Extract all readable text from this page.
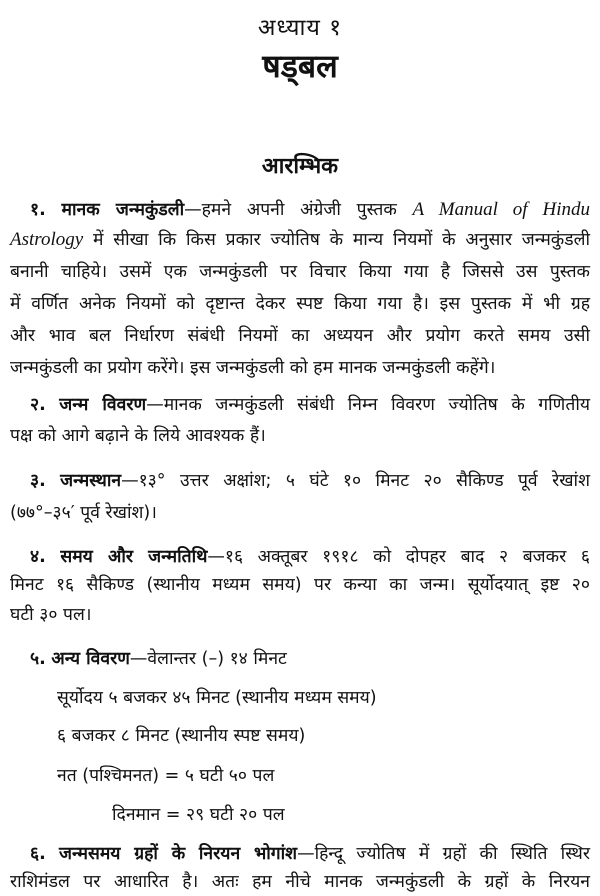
अध्याय १
षड्बल
आरम्भिक
१. मानक जन्मकुंडली—हमने अपनी अंग्रेजी पुस्तक A Manual of Hindu
Astrology में सीखा कि किस प्रकार ज्योतिष के मान्य नियमों के अनुसार जन्मकुंडली
बनानी चाहिये। उसमें एक जन्मकुंडली पर विचार किया गया है जिससे उस पुस्तक
में वर्णित अनेक नियमों को दृष्टान्त देकर स्पष्ट किया गया है। इस पुस्तक में भी ग्रह
और भाव बल निर्धारण संबंधी नियमों का अध्ययन और प्रयोग करते समय उसी
जन्मकुंडली का प्रयोग करेंगे। इस जन्मकुंडली को हम मानक जन्मकुंडली कहेंगे।
२. जन्म विवरण—मानक जन्मकुंडली संबंधी निम्न विवरण ज्योतिष के गणितीय
पक्ष को आगे बढ़ाने के लिये आवश्यक हैं।
३. जन्मस्थान—१३° उत्तर अक्षांश; ५ घंटे १० मिनट २० सैकिण्ड पूर्व रेखांश
(७७°–३५′ पूर्व रेखांश)।
४. समय और जन्मतिथि—१६ अक्तूबर १९१८ को दोपहर बाद २ बजकर ६
मिनट १६ सैकिण्ड (स्थानीय मध्यम समय) पर कन्या का जन्म। सूर्योदयात् इष्ट २०
घटी ३० पल।
५. अन्य विवरण—वेलान्तर (–) १४ मिनट
सूर्योदय ५ बजकर ४५ मिनट (स्थानीय मध्यम समय)
६ बजकर ८ मिनट (स्थानीय स्पष्ट समय)
नत (पश्चिमनत) = ५ घटी ५० पल
दिनमान = २९ घटी २० पल
६. जन्मसमय ग्रहों के निरयन भोगांश—हिन्दू ज्योतिष में ग्रहों की स्थिति स्थिर
राशिमंडल पर आधारित है। अतः हम नीचे मानक जन्मकुंडली के ग्रहों के निरयन
